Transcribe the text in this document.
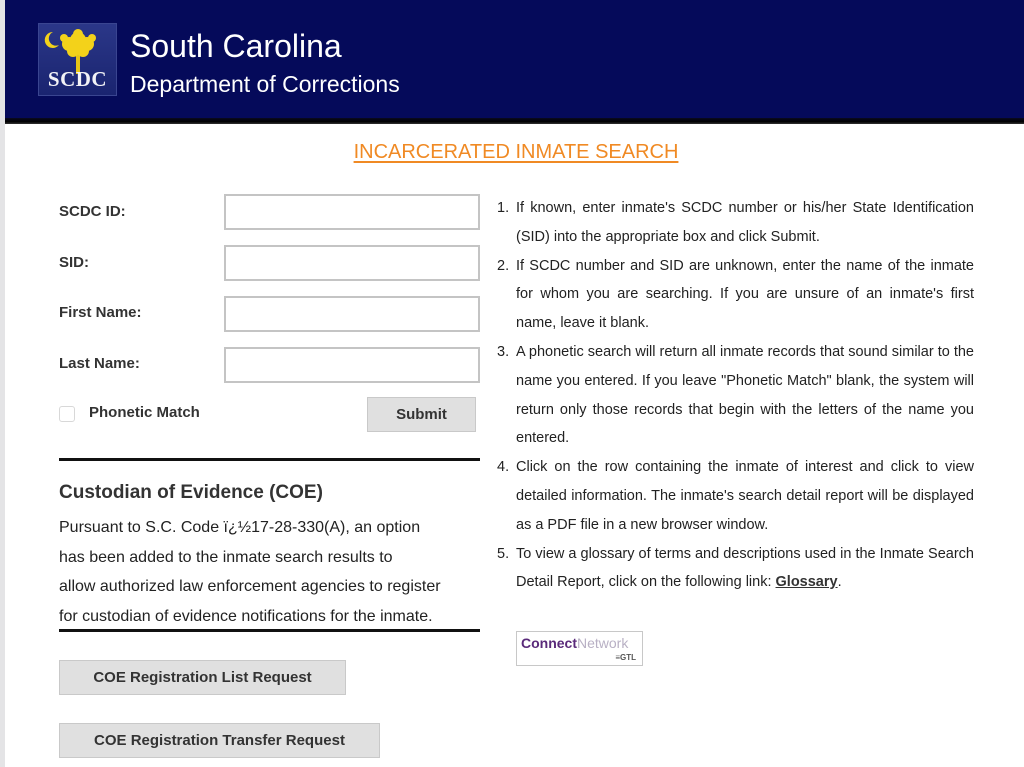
SCDC
South Carolina
Department of Corrections
INCARCERATED INMATE SEARCH
SCDC ID:
SID:
First Name:
Last Name:
Phonetic Match	Submit
Custodian of Evidence (COE)
Pursuant to S.C. Code ï¿½17-28-330(A), an option
has been added to the inmate search results to
allow authorized law enforcement agencies to register
for custodian of evidence notifications for the inmate.
COE Registration List Request
COE Registration Transfer Request
1. If known, enter inmate's SCDC number or his/her State Identification (SID) into the appropriate box and click Submit.
2. If SCDC number and SID are unknown, enter the name of the inmate for whom you are searching. If you are unsure of an inmate's first name, leave it blank.
3. A phonetic search will return all inmate records that sound similar to the name you entered. If you leave "Phonetic Match" blank, the system will return only those records that begin with the letters of the name you entered.
4. Click on the row containing the inmate of interest and click to view detailed information. The inmate's search detail report will be displayed as a PDF file in a new browser window.
5. To view a glossary of terms and descriptions used in the Inmate Search Detail Report, click on the following link: Glossary.
ConnectNetwork
≡GTL
